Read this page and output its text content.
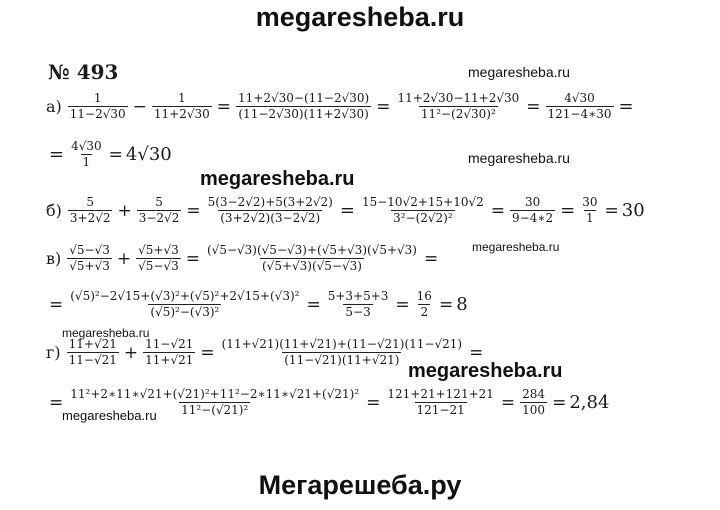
megaresheba.ru
megaresheba.ru
megaresheba.ru
megaresheba.ru
megaresheba.ru
megaresheba.ru
megaresheba.ru
megaresheba.ru
Мегарешеба.ру
№ 493
$а) \frac{1}{11-2√30} - \frac{1}{11+2√30} = \frac{11+2√30-(11-2√30)}{(11-2√30)(11+2√30)} = \frac{11+2√30-11+2√30}{\text{11²−(2√30)²}} = \frac{4√30}{121-4∗30}$ =
= $\frac{4√30}{1} = 4√30$
$б) \frac{5}{3+2√2} + \frac{5}{3-2√2} = \frac{5(3-2√2)+5(3+2√2)}{(3+2√2)(3-2√2)} = \frac{15-10√2+15+10√2}{\text{3²−(2√2)²}} = \frac{30}{9-4∗2} = \frac{30}{1} = 30$
$в) \frac{√5-√3}{√5+√3} + \frac{√5+√3}{√5-√3} = \frac{(√5-√3)(√5-√3)+(√5+√3)(√5+√3)}{(√5+√3)(√5-√3)}$ =
= $\frac{\text{(√5)²−2√15+(√3)²+(√5)²+2√15+(√3)²}}{\text{(√5)²−(√3)²}} = \frac{5+3+5+3}{5-3} = \frac{16}{2} = 8$
$г) \frac{11+√21}{11-√21} + \frac{11-√21}{11+√21} = \frac{(11+√21)(11+√21)+(11-√21)(11-√21)}{(11-√21)(11+√21)}$ =
= $\frac{\text{11²+2∗11∗√21+(√21)²+11²−2∗11∗√21+(√21)²}}{\text{11²−(√21)²}} = \frac{121+21+121+21}{121-21} = \frac{284}{100} = 2,84$
